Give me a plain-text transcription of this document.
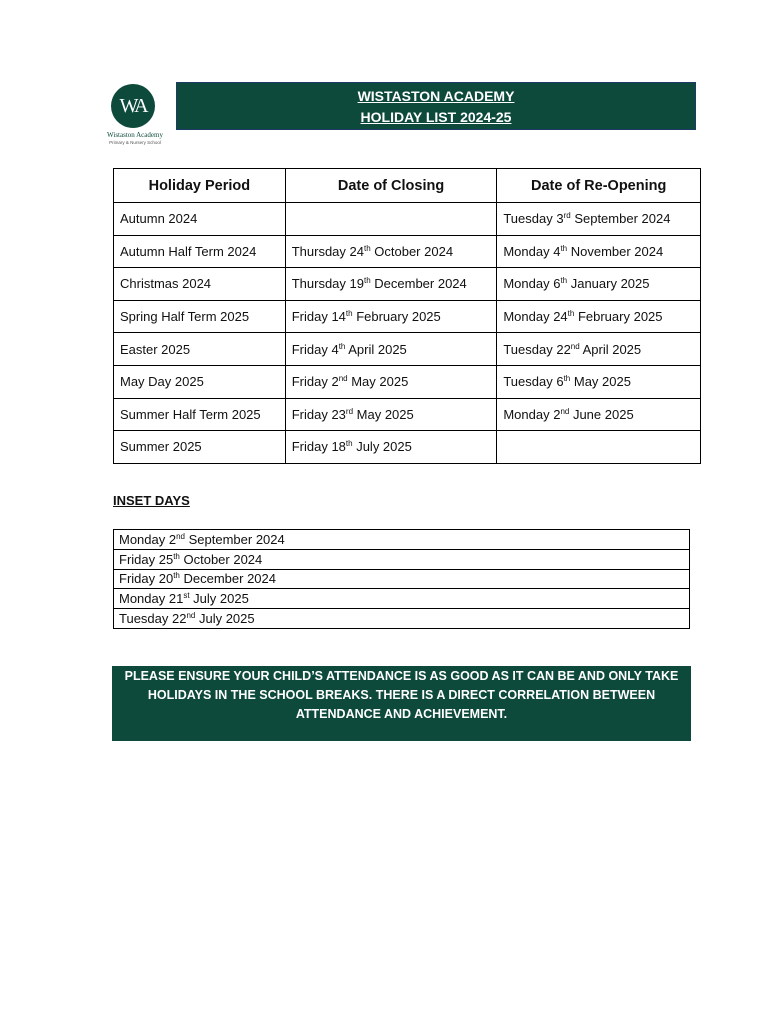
WA
Wistaston Academy
Primary & Nursery School
WISTASTON ACADEMY
HOLIDAY LIST 2024-25
Holiday Period	Date of Closing	Date of Re-Opening
Autumn 2024		Tuesday 3rd September 2024
Autumn Half Term 2024	Thursday 24th October 2024	Monday 4th November 2024
Christmas 2024	Thursday 19th December 2024	Monday 6th January 2025
Spring Half Term 2025	Friday 14th February 2025	Monday 24th February 2025
Easter 2025	Friday 4th April 2025	Tuesday 22nd April 2025
May Day 2025	Friday 2nd May 2025	Tuesday 6th May 2025
Summer Half Term 2025	Friday 23rd May 2025	Monday 2nd June 2025
Summer 2025	Friday 18th July 2025	
INSET DAYS
Monday 2nd September 2024
Friday 25th October 2024
Friday 20th December 2024
Monday 21st July 2025
Tuesday 22nd July 2025
PLEASE ENSURE YOUR CHILD’S ATTENDANCE IS AS GOOD AS IT CAN BE AND ONLY TAKE HOLIDAYS IN THE SCHOOL BREAKS. THERE IS A DIRECT CORRELATION BETWEEN ATTENDANCE AND ACHIEVEMENT.
